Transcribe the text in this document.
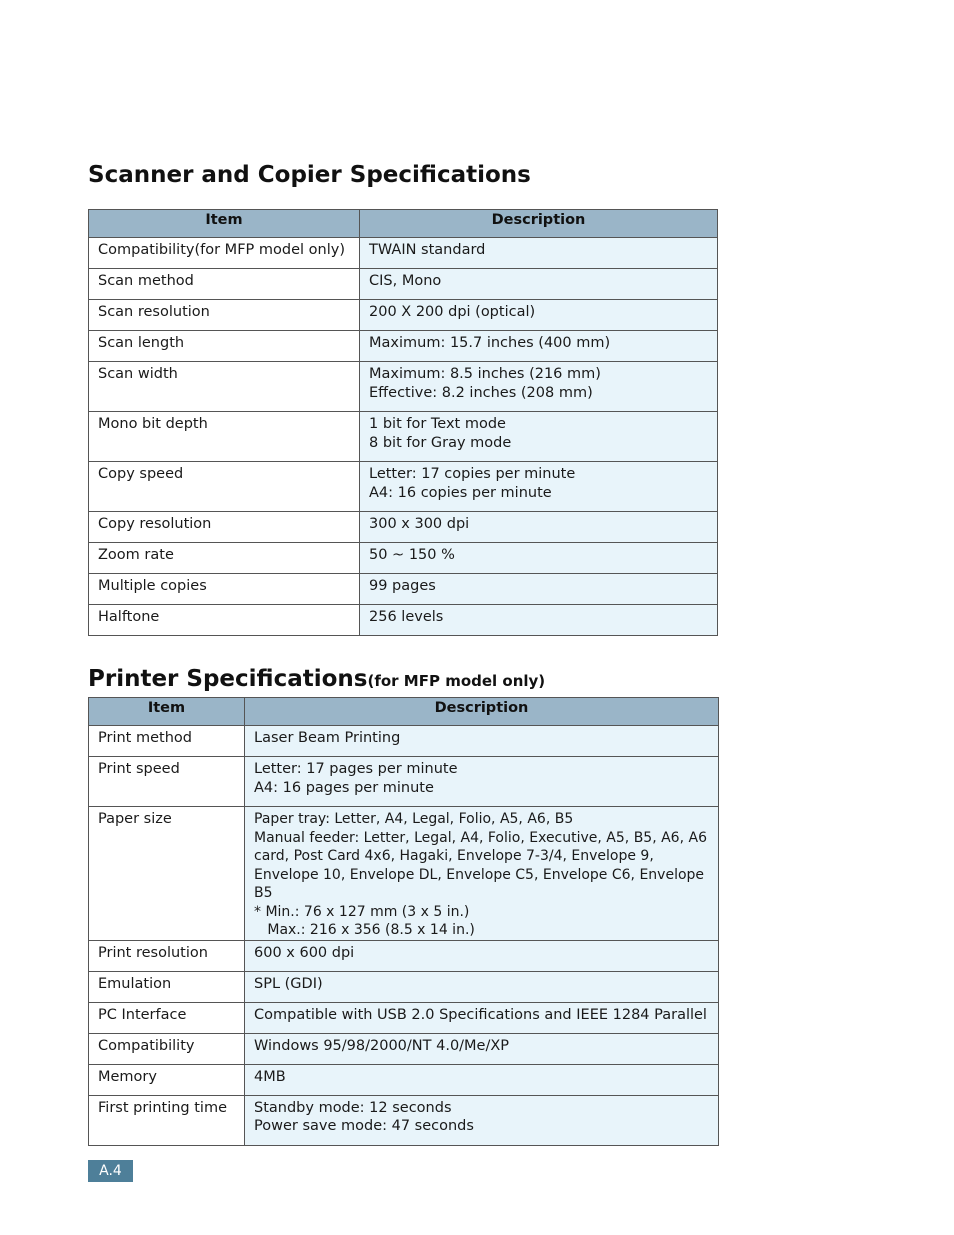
Scanner and Copier Specifications
Item	Description
Compatibility(for MFP model only)	TWAIN standard

Scan method	CIS, Mono

Scan resolution	200 X 200 dpi (optical)

Scan length	Maximum: 15.7 inches (400 mm)

Scan width	Maximum: 8.5 inches (216 mm)
Effective: 8.2 inches (208 mm)

Mono bit depth	1 bit for Text mode
8 bit for Gray mode

Copy speed	Letter: 17 copies per minute
A4: 16 copies per minute

Copy resolution	300 x 300 dpi

Zoom rate	50 ~ 150 %

Multiple copies	99 pages

Halftone	256 levels
Printer Specifications(for MFP model only)
Item	Description
Print method	Laser Beam Printing

Print speed	Letter: 17 pages per minute
A4: 16 pages per minute

Paper size	Paper tray: Letter, A4, Legal, Folio, A5, A6, B5
Manual feeder: Letter, Legal, A4, Folio, Executive, A5, B5, A6, A6 card, Post Card 4x6, Hagaki, Envelope 7-3/4, Envelope 9, Envelope 10, Envelope DL, Envelope C5, Envelope C6, Envelope B5
* Min.: 76 x 127 mm (3 x 5 in.)
Max.: 216 x 356 (8.5 x 14 in.)

Print resolution	600 x 600 dpi

Emulation	SPL (GDI)

PC Interface	Compatible with USB 2.0 Specifications and IEEE 1284 Parallel

Compatibility	Windows 95/98/2000/NT 4.0/Me/XP

Memory	4MB

First printing time	Standby mode: 12 seconds
Power save mode: 47 seconds
A.4
